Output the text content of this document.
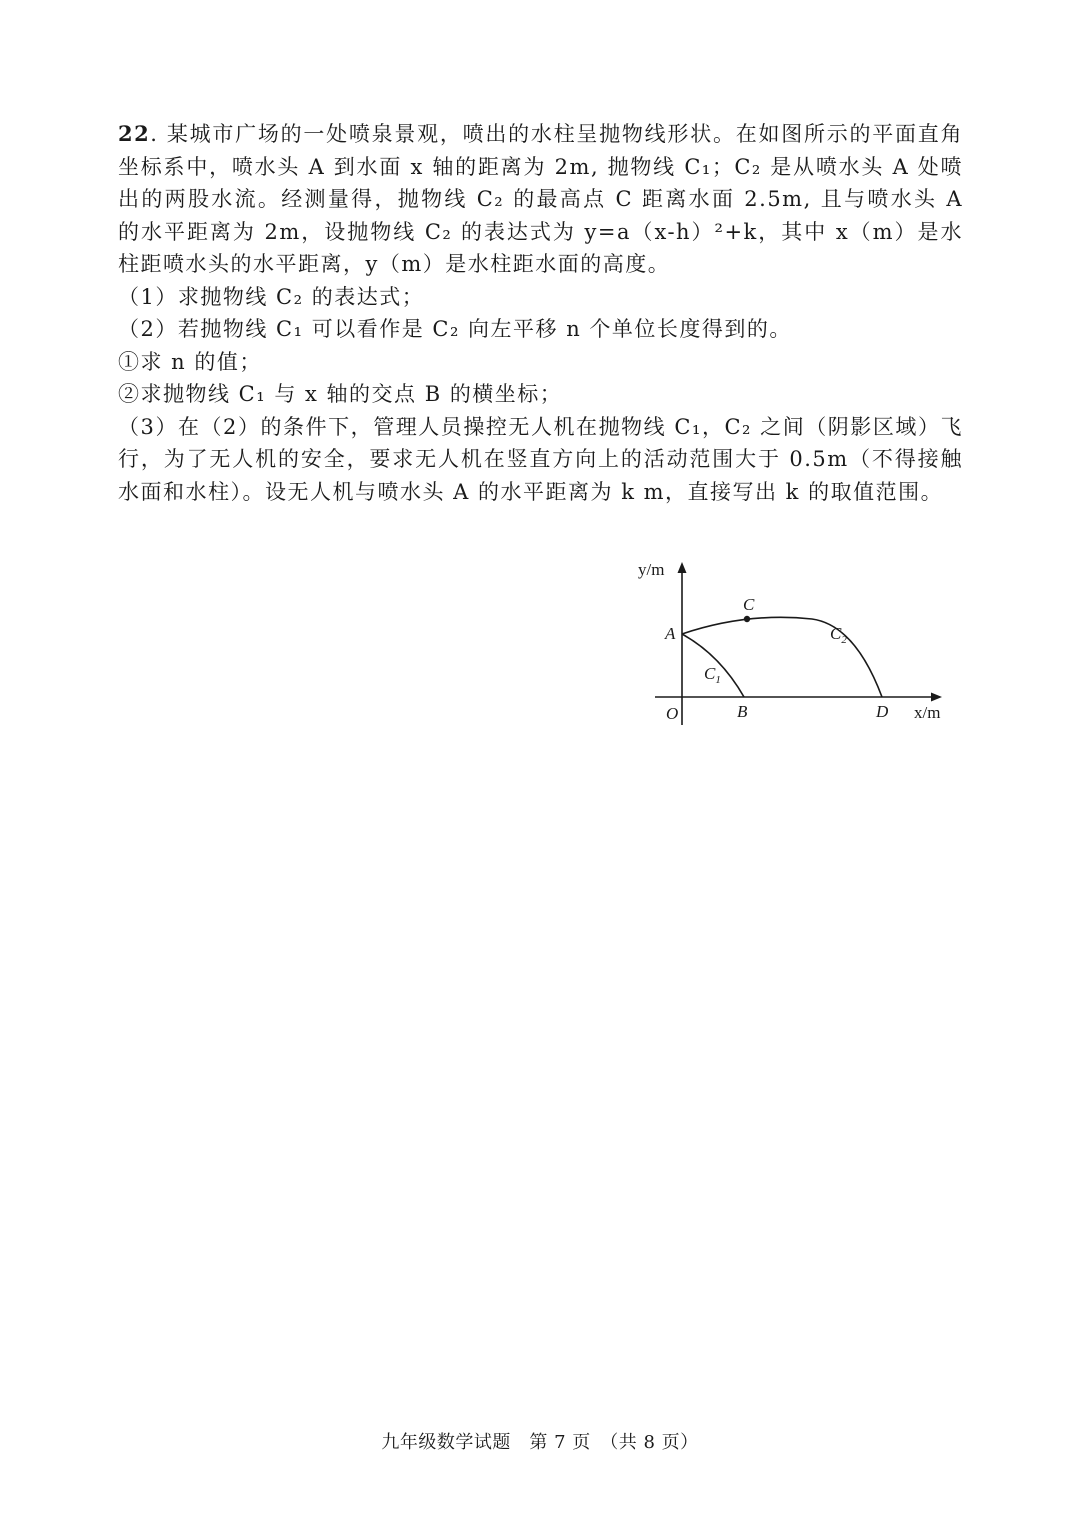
22. 某城市广场的一处喷泉景观，喷出的水柱呈抛物线形状。在如图所示的平面直角坐标系中，喷水头 A 到水面 x 轴的距离为 2m, 抛物线 C₁；C₂ 是从喷水头 A 处喷出的两股水流。经测量得，抛物线 C₂ 的最高点 C 距离水面 2.5m, 且与喷水头 A 的水平距离为 2m，设抛物线 C₂ 的表达式为 y=a（x-h）²+k，其中 x（m）是水柱距喷水头的水平距离，y（m）是水柱距水面的高度。

（1）求抛物线 C₂ 的表达式；

（2）若抛物线 C₁ 可以看作是 C₂ 向左平移 n 个单位长度得到的。

①求 n 的值；

②求抛物线 C₁ 与 x 轴的交点 B 的横坐标；

（3）在（2）的条件下，管理人员操控无人机在抛物线 C₁，C₂ 之间（阴影区域）飞行，为了无人机的安全，要求无人机在竖直方向上的活动范围大于 0.5m（不得接触水面和水柱）。设无人机与喷水头 A 的水平距离为 k m，直接写出 k 的取值范围。

y/m
x/m
O
A
B
C
D
$C_1$
$C_2$
九年级数学试题　第 7 页　（共 8 页）
